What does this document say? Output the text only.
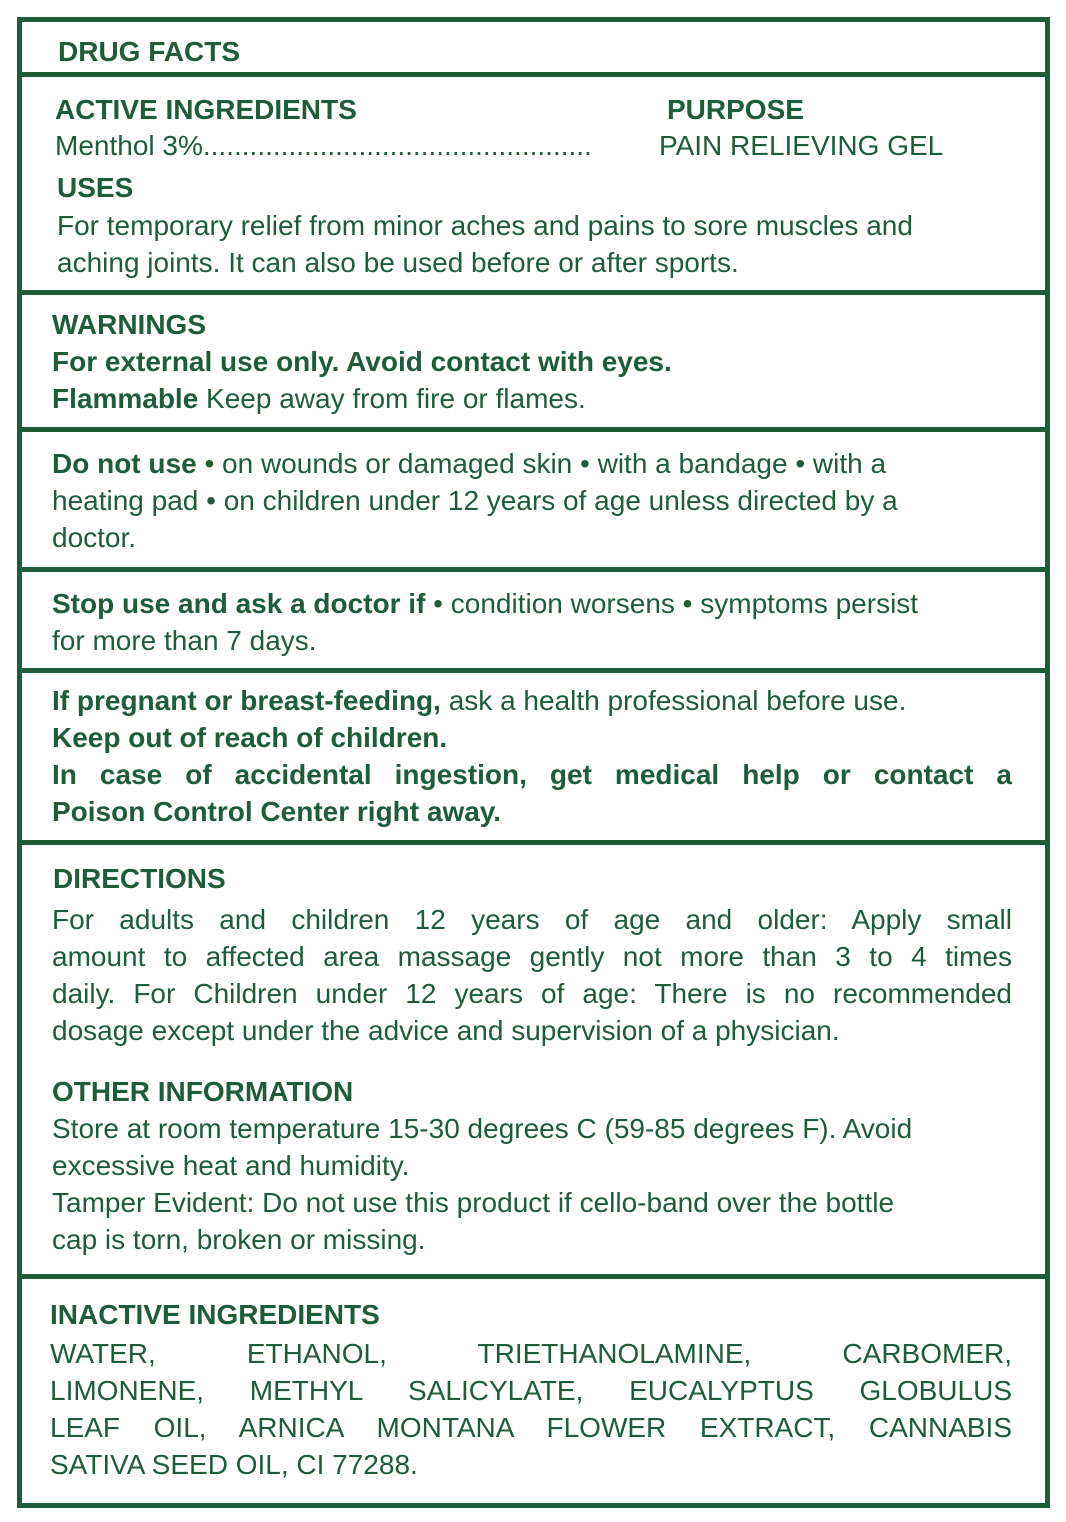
DRUG FACTS
ACTIVE INGREDIENTS	PURPOSE
Menthol 3%..................................................	PAIN RELIEVING GEL
USES
For temporary relief from minor aches and pains to sore muscles and
aching joints. It can also be used before or after sports.
WARNINGS
For external use only. Avoid contact with eyes.
Flammable Keep away from fire or flames.
Do not use • on wounds or damaged skin • with a bandage • with a
heating pad • on children under 12 years of age unless directed by a
doctor.
Stop use and ask a doctor if • condition worsens • symptoms persist
for more than 7 days.
If pregnant or breast-feeding, ask a health professional before use.
Keep out of reach of children.
In case of accidental ingestion, get medical help or contact a
Poison Control Center right away.
DIRECTIONS
For adults and children 12 years of age and older: Apply small
amount to affected area massage gently not more than 3 to 4 times
daily. For Children under 12 years of age: There is no recommended
dosage except under the advice and supervision of a physician.
OTHER INFORMATION
Store at room temperature 15-30 degrees C (59-85 degrees F). Avoid
excessive heat and humidity.
Tamper Evident: Do not use this product if cello-band over the bottle
cap is torn, broken or missing.
INACTIVE INGREDIENTS
WATER, ETHANOL, TRIETHANOLAMINE, CARBOMER,
LIMONENE, METHYL SALICYLATE, EUCALYPTUS GLOBULUS
LEAF OIL, ARNICA MONTANA FLOWER EXTRACT, CANNABIS
SATIVA SEED OIL, CI 77288.
